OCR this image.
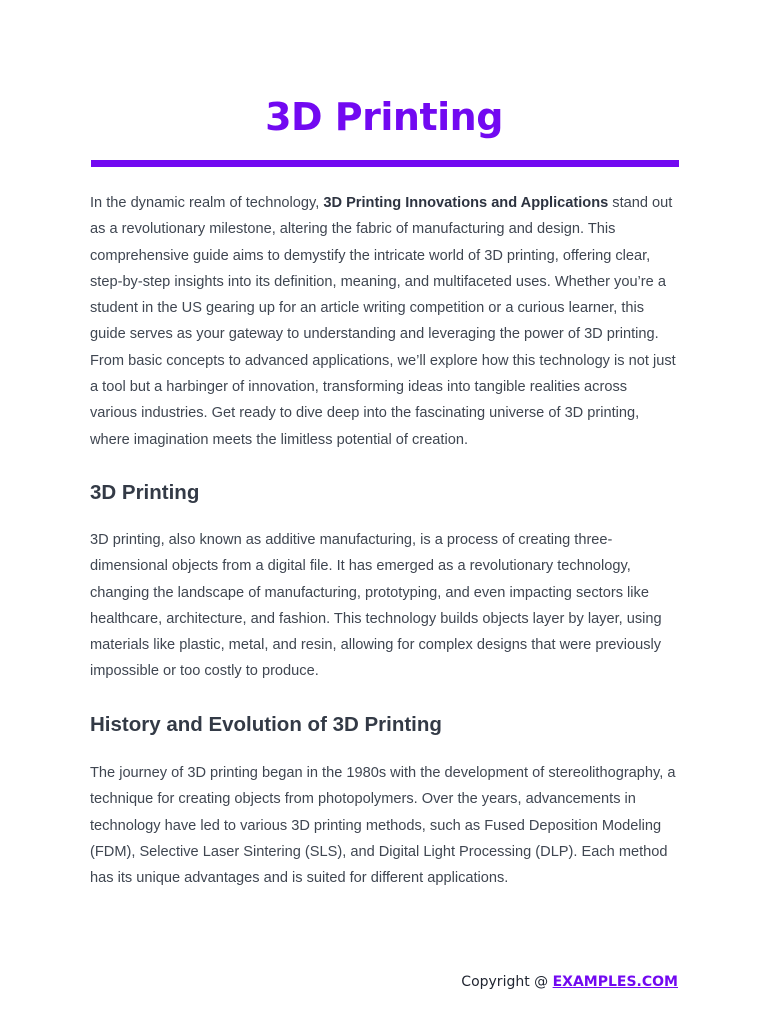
3D Printing

In the dynamic realm of technology, 3D Printing Innovations and Applications stand out as a revolutionary milestone, altering the fabric of manufacturing and design. This comprehensive guide aims to demystify the intricate world of 3D printing, offering clear, step-by-step insights into its definition, meaning, and multifaceted uses. Whether you’re a student in the US gearing up for an article writing competition or a curious learner, this guide serves as your gateway to understanding and leveraging the power of 3D printing. From basic concepts to advanced applications, we’ll explore how this technology is not just a tool but a harbinger of innovation, transforming ideas into tangible realities across various industries. Get ready to dive deep into the fascinating universe of 3D printing, where imagination meets the limitless potential of creation.

3D Printing

3D printing, also known as additive manufacturing, is a process of creating three-dimensional objects from a digital file. It has emerged as a revolutionary technology, changing the landscape of manufacturing, prototyping, and even impacting sectors like healthcare, architecture, and fashion. This technology builds objects layer by layer, using materials like plastic, metal, and resin, allowing for complex designs that were previously impossible or too costly to produce.

History and Evolution of 3D Printing

The journey of 3D printing began in the 1980s with the development of stereolithography, a technique for creating objects from photopolymers. Over the years, advancements in technology have led to various 3D printing methods, such as Fused Deposition Modeling (FDM), Selective Laser Sintering (SLS), and Digital Light Processing (DLP). Each method has its unique advantages and is suited for different applications.

Copyright @ EXAMPLES.COM
